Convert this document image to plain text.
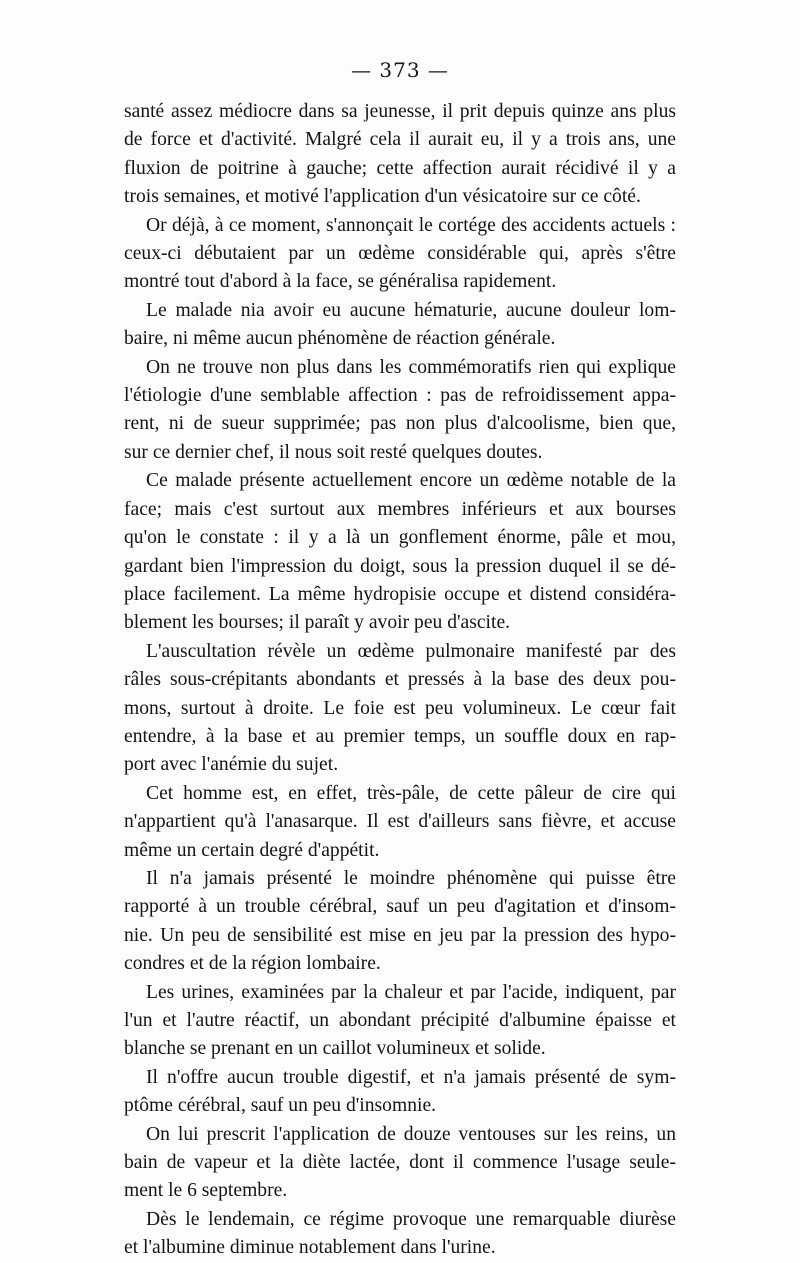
— 373 —
santé assez médiocre dans sa jeunesse, il prit depuis quinze ans plus
de force et d'activité. Malgré cela il aurait eu, il y a trois ans, une
fluxion de poitrine à gauche; cette affection aurait récidivé il y a
trois semaines, et motivé l'application d'un vésicatoire sur ce côté.
Or déjà, à ce moment, s'annonçait le cortége des accidents actuels :
ceux-ci débutaient par un œdème considérable qui, après s'être
montré tout d'abord à la face, se généralisa rapidement.
Le malade nia avoir eu aucune hématurie, aucune douleur lom-
baire, ni même aucun phénomène de réaction générale.
On ne trouve non plus dans les commémoratifs rien qui explique
l'étiologie d'une semblable affection : pas de refroidissement appa-
rent, ni de sueur supprimée; pas non plus d'alcoolisme, bien que,
sur ce dernier chef, il nous soit resté quelques doutes.
Ce malade présente actuellement encore un œdème notable de la
face; mais c'est surtout aux membres inférieurs et aux bourses
qu'on le constate : il y a là un gonflement énorme, pâle et mou,
gardant bien l'impression du doigt, sous la pression duquel il se dé-
place facilement. La même hydropisie occupe et distend considéra-
blement les bourses; il paraît y avoir peu d'ascite.
L'auscultation révèle un œdème pulmonaire manifesté par des
râles sous-crépitants abondants et pressés à la base des deux pou-
mons, surtout à droite. Le foie est peu volumineux. Le cœur fait
entendre, à la base et au premier temps, un souffle doux en rap-
port avec l'anémie du sujet.
Cet homme est, en effet, très-pâle, de cette pâleur de cire qui
n'appartient qu'à l'anasarque. Il est d'ailleurs sans fièvre, et accuse
même un certain degré d'appétit.
Il n'a jamais présenté le moindre phénomène qui puisse être
rapporté à un trouble cérébral, sauf un peu d'agitation et d'insom-
nie. Un peu de sensibilité est mise en jeu par la pression des hypo-
condres et de la région lombaire.
Les urines, examinées par la chaleur et par l'acide, indiquent, par
l'un et l'autre réactif, un abondant précipité d'albumine épaisse et
blanche se prenant en un caillot volumineux et solide.
Il n'offre aucun trouble digestif, et n'a jamais présenté de sym-
ptôme cérébral, sauf un peu d'insomnie.
On lui prescrit l'application de douze ventouses sur les reins, un
bain de vapeur et la diète lactée, dont il commence l'usage seule-
ment le 6 septembre.
Dès le lendemain, ce régime provoque une remarquable diurèse
et l'albumine diminue notablement dans l'urine.
